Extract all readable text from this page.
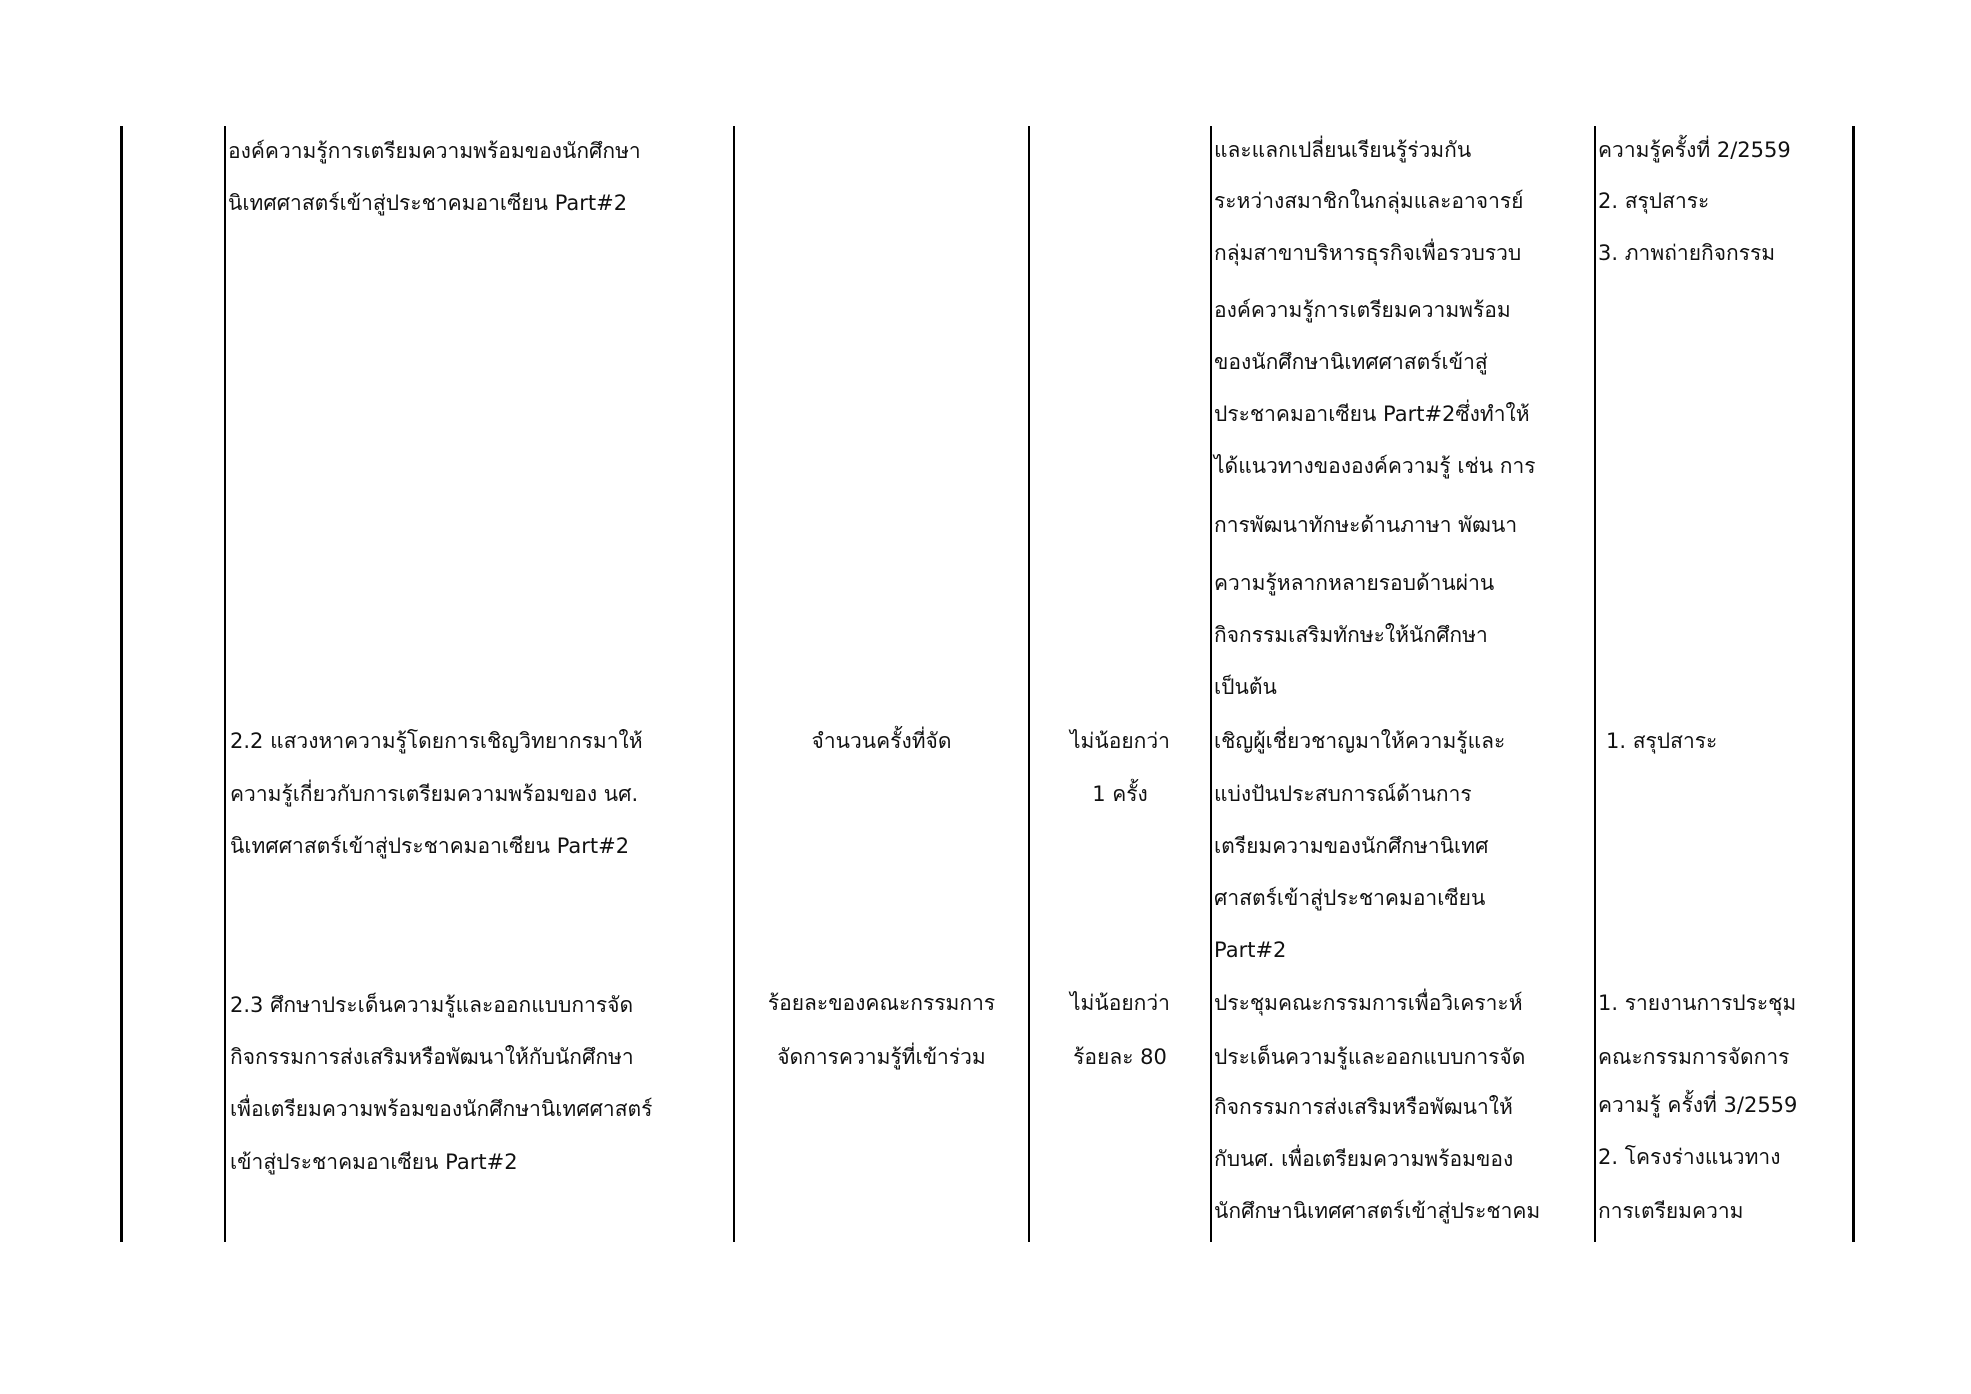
องค์ความรู้การเตรียมความพร้อมของนักศึกษา
นิเทศศาสตร์เข้าสู่ประชาคมอาเซียน Part#2
2.2 แสวงหาความรู้โดยการเชิญวิทยากรมาให้
ความรู้เกี่ยวกับการเตรียมความพร้อมของ นศ.
นิเทศศาสตร์เข้าสู่ประชาคมอาเซียน Part#2
2.3 ศึกษาประเด็นความรู้และออกแบบการจัด
กิจกรรมการส่งเสริมหรือพัฒนาให้กับนักศึกษา
เพื่อเตรียมความพร้อมของนักศึกษานิเทศศาสตร์
เข้าสู่ประชาคมอาเซียน Part#2
จำนวนครั้งที่จัด
ร้อยละของคณะกรรมการ
จัดการความรู้ที่เข้าร่วม
ไม่น้อยกว่า
1 ครั้ง
ไม่น้อยกว่า
ร้อยละ 80
และแลกเปลี่ยนเรียนรู้ร่วมกัน
ระหว่างสมาชิกในกลุ่มและอาจารย์
กลุ่มสาขาบริหารธุรกิจเพื่อรวบรวบ
องค์ความรู้การเตรียมความพร้อม
ของนักศึกษานิเทศศาสตร์เข้าสู่
ประชาคมอาเซียน Part#2ซึ่งทำให้
ได้แนวทางขององค์ความรู้ เช่น การ
การพัฒนาทักษะด้านภาษา พัฒนา
ความรู้หลากหลายรอบด้านผ่าน
กิจกรรมเสริมทักษะให้นักศึกษา
เป็นต้น
เชิญผู้เชี่ยวชาญมาให้ความรู้และ
แบ่งปันประสบการณ์ด้านการ
เตรียมความของนักศึกษานิเทศ
ศาสตร์เข้าสู่ประชาคมอาเซียน
Part#2
ประชุมคณะกรรมการเพื่อวิเคราะห์
ประเด็นความรู้และออกแบบการจัด
กิจกรรมการส่งเสริมหรือพัฒนาให้
กับนศ. เพื่อเตรียมความพร้อมของ
นักศึกษานิเทศศาสตร์เข้าสู่ประชาคม
ความรู้ครั้งที่ 2/2559
2. สรุปสาระ
3. ภาพถ่ายกิจกรรม
1. สรุปสาระ
1. รายงานการประชุม
คณะกรรมการจัดการ
ความรู้ ครั้งที่ 3/2559
2. โครงร่างแนวทาง
การเตรียมความ
